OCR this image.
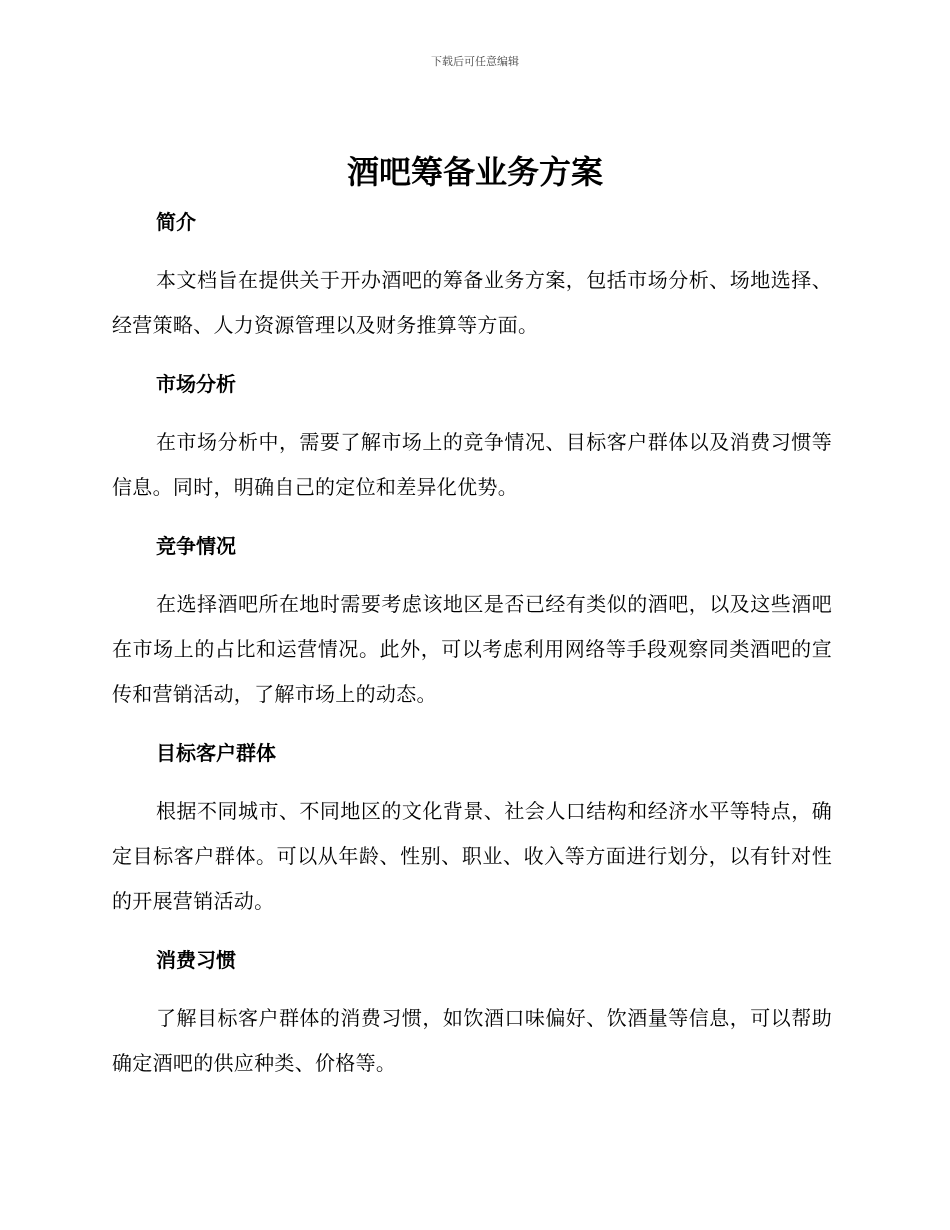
下载后可任意编辑
酒吧筹备业务方案
简介

本文档旨在提供关于开办酒吧的筹备业务方案，包括市场分析、场地选择、经营策略、人力资源管理以及财务推算等方面。

市场分析

在市场分析中，需要了解市场上的竞争情况、目标客户群体以及消费习惯等信息。同时，明确自己的定位和差异化优势。

竞争情况

在选择酒吧所在地时需要考虑该地区是否已经有类似的酒吧，以及这些酒吧在市场上的占比和运营情况。此外，可以考虑利用网络等手段观察同类酒吧的宣传和营销活动，了解市场上的动态。

目标客户群体

根据不同城市、不同地区的文化背景、社会人口结构和经济水平等特点，确定目标客户群体。可以从年龄、性别、职业、收入等方面进行划分，以有针对性的开展营销活动。

消费习惯

了解目标客户群体的消费习惯，如饮酒口味偏好、饮酒量等信息，可以帮助确定酒吧的供应种类、价格等。
